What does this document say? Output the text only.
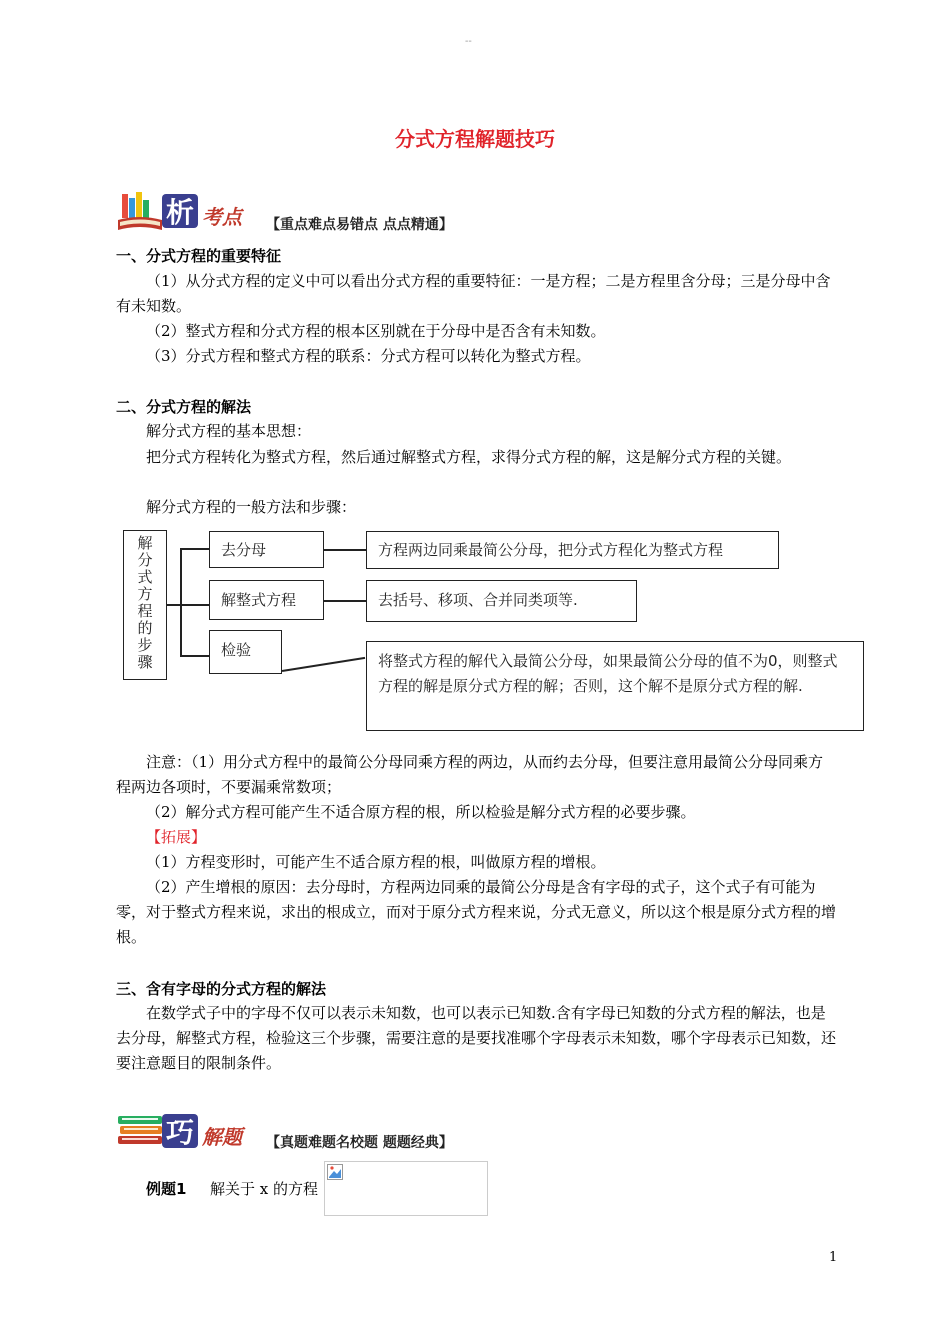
--
分式方程解题技巧
析 考点 【重点难点易错点 点点精通】
一、分式方程的重要特征
（1）从分式方程的定义中可以看出分式方程的重要特征：一是方程；二是方程里含分母；三是分母中含有未知数。
（2）整式方程和分式方程的根本区别就在于分母中是否含有未知数。
（3）分式方程和整式方程的联系：分式方程可以转化为整式方程。
二、分式方程的解法
解分式方程的基本思想：
把分式方程转化为整式方程，然后通过解整式方程，求得分式方程的解，这是解分式方程的关键。
解分式方程的一般方法和步骤：
解分式方程的步骤
去分母
解整式方程
检验
方程两边同乘最简公分母，把分式方程化为整式方程
去括号、移项、合并同类项等.
将整式方程的解代入最简公分母，如果最简公分母的值不为0，则整式方程的解是原分式方程的解；否则，这个解不是原分式方程的解.
注意：（1）用分式方程中的最简公分母同乘方程的两边，从而约去分母，但要注意用最简公分母同乘方程两边各项时，不要漏乘常数项；
（2）解分式方程可能产生不适合原方程的根，所以检验是解分式方程的必要步骤。
【拓展】
（1）方程变形时，可能产生不适合原方程的根，叫做原方程的增根。
（2）产生增根的原因：去分母时，方程两边同乘的最简公分母是含有字母的式子，这个式子有可能为零，对于整式方程来说，求出的根成立，而对于原分式方程来说，分式无意义，所以这个根是原分式方程的增根。
三、含有字母的分式方程的解法
在数学式子中的字母不仅可以表示未知数，也可以表示已知数.含有字母已知数的分式方程的解法，也是去分母，解整式方程，检验这三个步骤，需要注意的是要找准哪个字母表示未知数，哪个字母表示已知数，还要注意题目的限制条件。
巧 解题 【真题难题名校题 题题经典】
例题1 解关于 x 的方程
1
